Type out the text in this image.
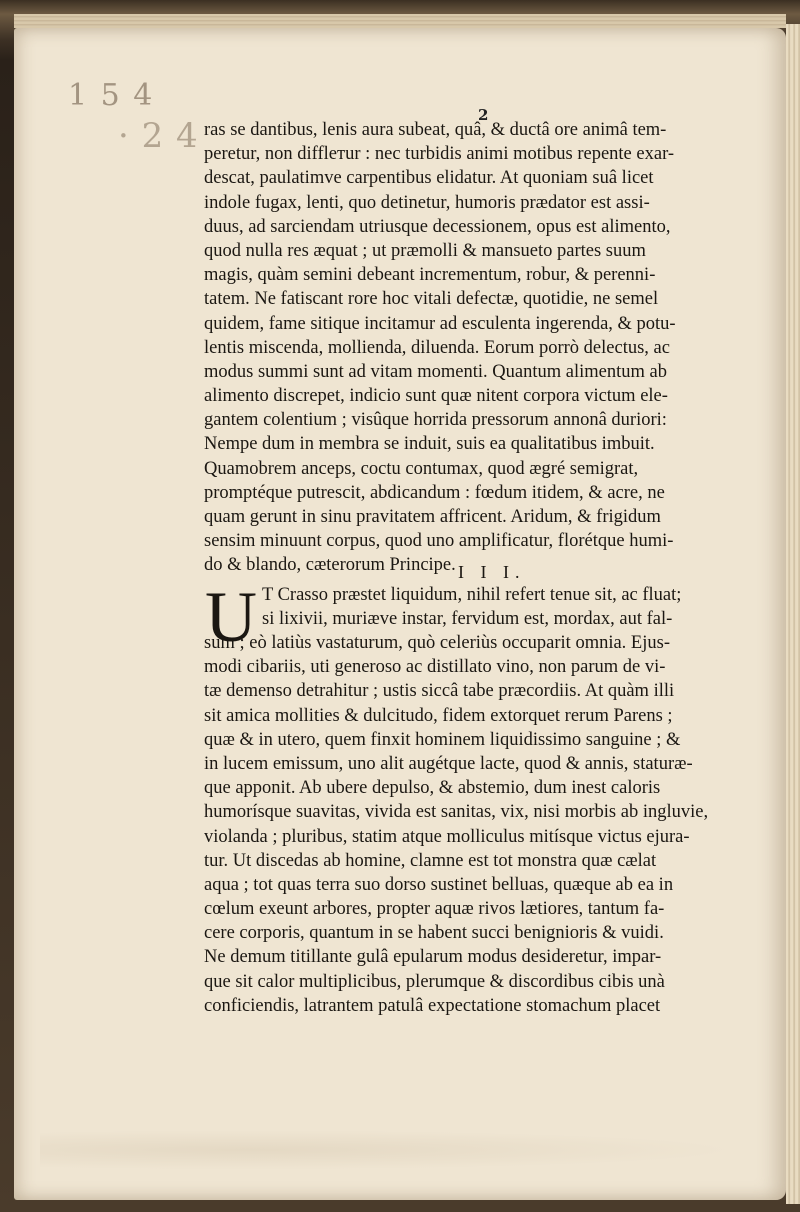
1 5 4
· 2 4
2
ras se dantibus, lenis aura subeat, quâ, & ductâ ore animâ tem-
peretur, non difflетur : nec turbidis animi motibus repente exar-
descat, paulatimve carpentibus elidatur. At quoniam suâ licet
indole fugax, lenti, quo detinetur, humoris prædator est assi-
duus, ad sarciendam utriusque decessionem, opus est alimento,
quod nulla res æquat ; ut præmolli & mansueto partes suum
magis, quàm semini debeant incrementum, robur, & perenni-
tatem. Ne fatiscant rore hoc vitali defectæ, quotidie, ne semel
quidem, fame sitique incitamur ad esculenta ingerenda, & potu-
lentis miscenda, mollienda, diluenda. Eorum porrò delectus, ac
modus summi sunt ad vitam momenti. Quantum alimentum ab
alimento discrepet, indicio sunt quæ nitent corpora victum ele-
gantem colentium ; visûque horrida pressorum annonâ duriori:
Nempe dum in membra se induit, suis ea qualitatibus imbuit.
Quamobrem anceps, coctu contumax, quod ægré semigrat,
promptéque putrescit, abdicandum : fœdum itidem, & acre, ne
quam gerunt in sinu pravitatem affricent. Aridum, & frigidum
sensim minuunt corpus, quod uno amplificatur, florétque humi-
do & blando, cæterorum Principe. I I I.
U T Crasso præstet liquidum, nihil refert tenue sit, ac fluat;
si lixivii, muriæve instar, fervidum est, mordax, aut fal-
sum ; eò latiùs vastaturum, quò celeriùs occuparit omnia. Ejus-
modi cibariis, uti generoso ac distillato vino, non parum de vi-
tæ demenso detrahitur ; ustis siccâ tabe præcordiis. At quàm illi
sit amica mollities & dulcitudo, fidem extorquet rerum Parens ;
quæ & in utero, quem finxit hominem liquidissimo sanguine ; &
in lucem emissum, uno alit augétque lacte, quod & annis, staturæ-
que apponit. Ab ubere depulso, & abstemio, dum inest caloris
humorísque suavitas, vivida est sanitas, vix, nisi morbis ab ingluvie,
violanda ; pluribus, statim atque molliculus mitísque victus ejura-
tur. Ut discedas ab homine, clamne est tot monstra quæ cælat
aqua ; tot quas terra suo dorso sustinet belluas, quæque ab ea in
cœlum exeunt arbores, propter aquæ rivos lætiores, tantum fa-
cere corporis, quantum in se habent succi benignioris & vuidi.
Ne demum titillante gulâ epularum modus desideretur, impar-
que sit calor multiplicibus, plerumque & discordibus cibis unà
conficiendis, latrantem patulâ expectatione stomachum placet
